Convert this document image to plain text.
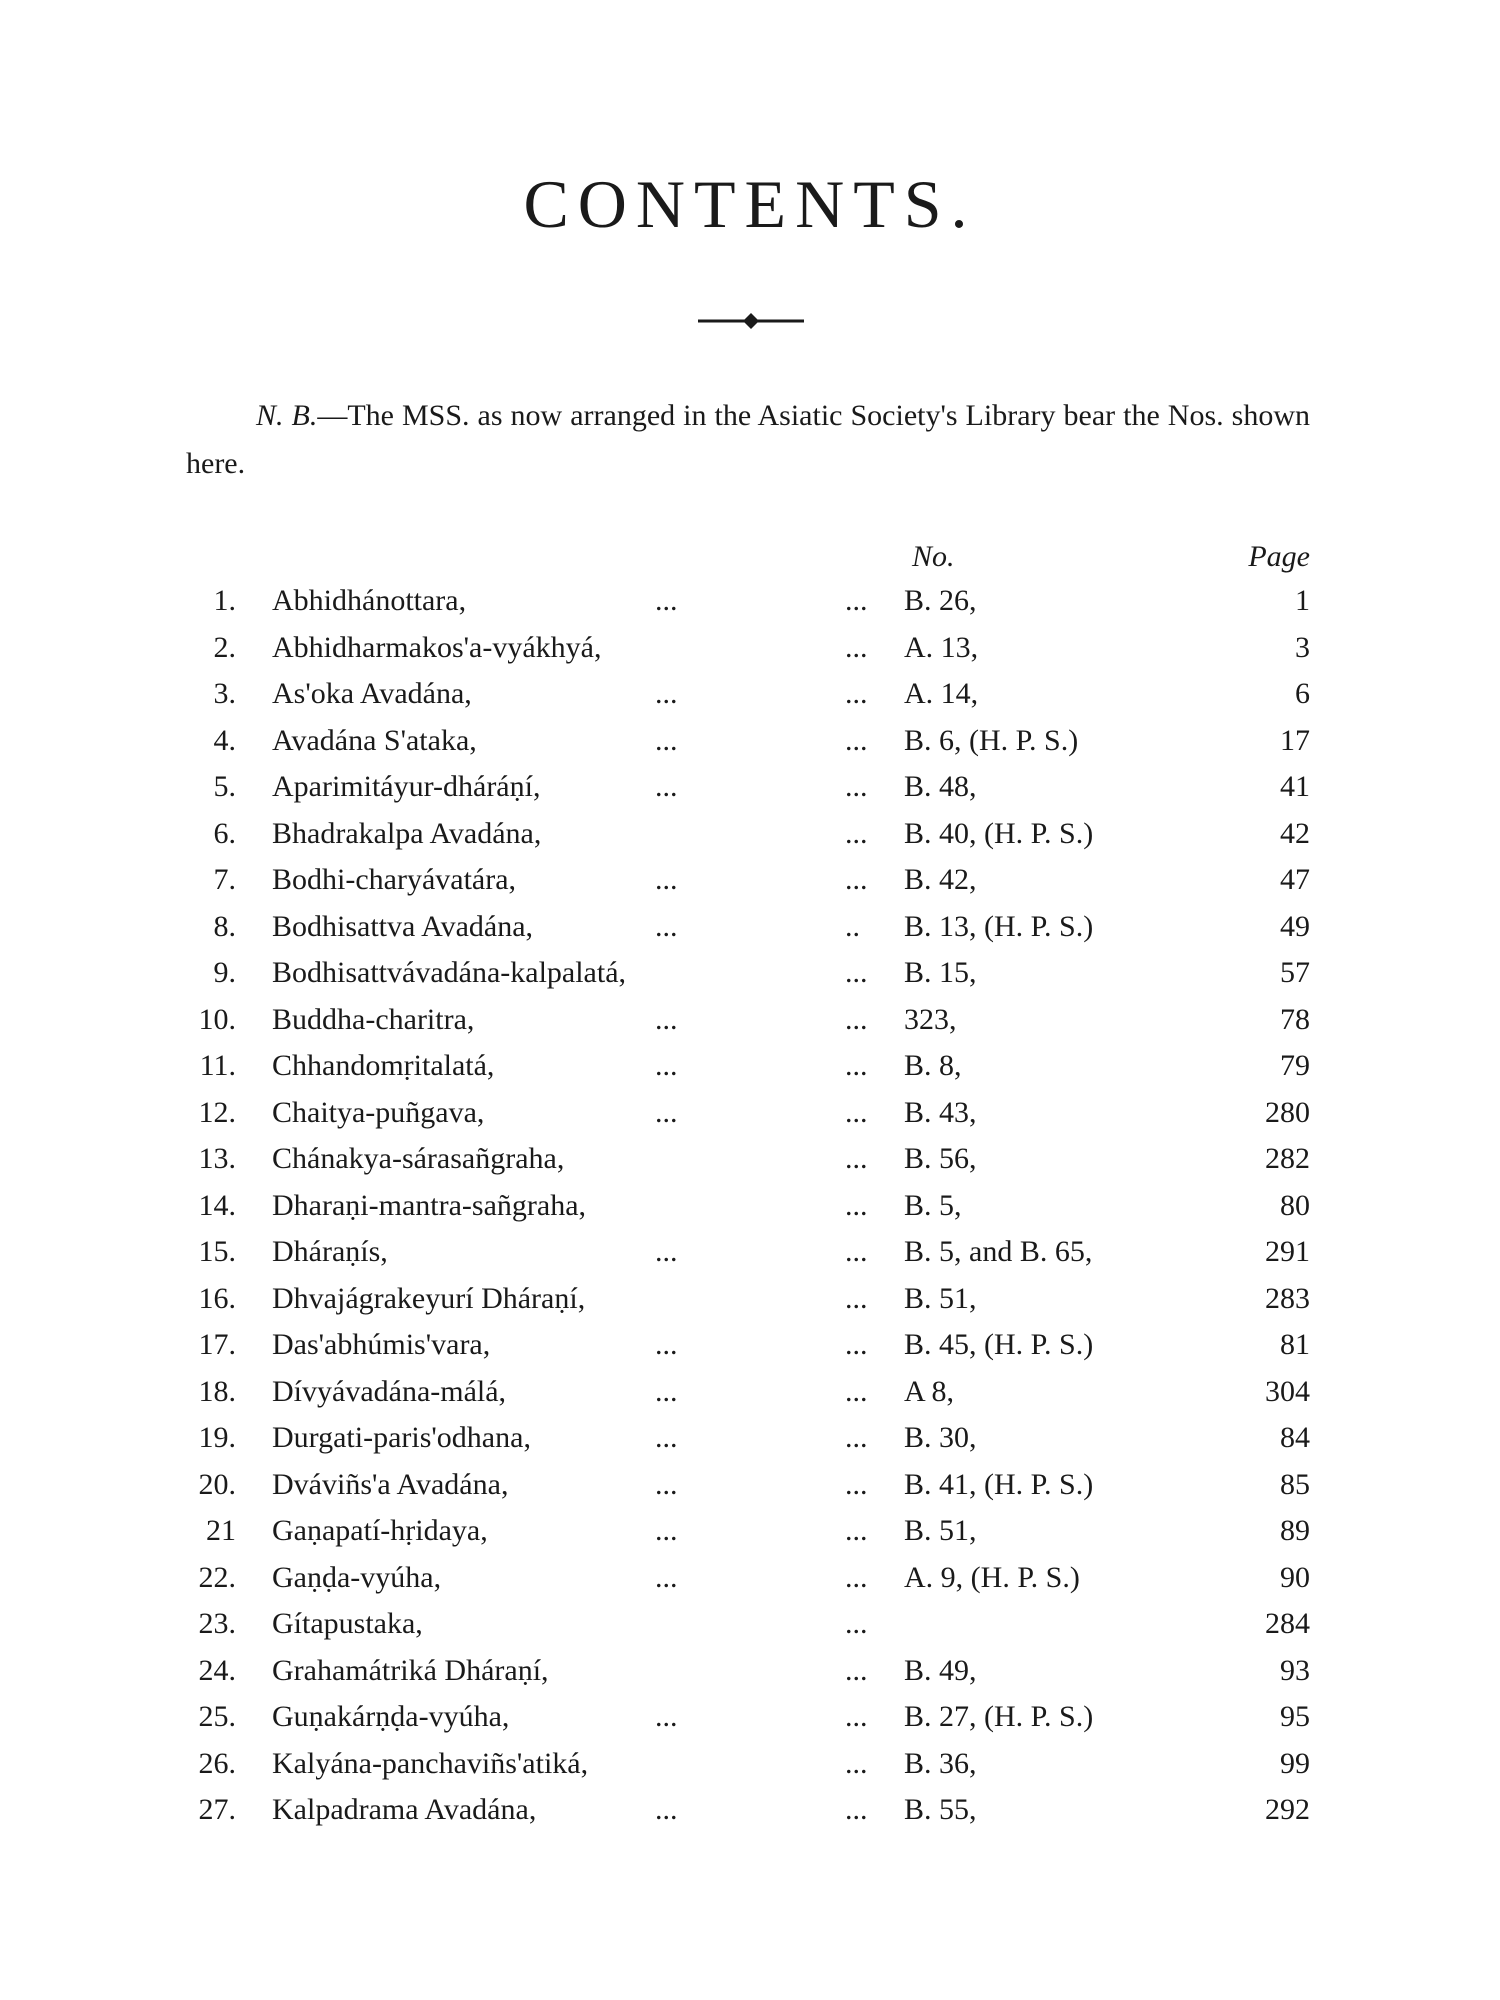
CONTENTS.
N. B.—The MSS. as now arranged in the Asiatic Society's Library bear the Nos. shown here.
No.	Page
1. Abhidhánottara,	...	... B. 26,	1
2. Abhidharmakos'a-vyákhyá,	... A. 13,	3
3. As'oka Avadána,	...	... A. 14,	6
4. Avadána S'ataka,	...	... B. 6, (H. P. S.)	17
5. Aparimitáyur-dháráṇí,	...	... B. 48,	41
6. Bhadrakalpa Avadána,	... B. 40, (H. P. S.)	42
7. Bodhi-charyávatára,	...	... B. 42,	47
8. Bodhisattva Avadána,	...	.. B. 13, (H. P. S.)	49
9. Bodhisattvávadána-kalpalatá,	... B. 15,	57
10. Buddha-charitra,	...	... 323,	78
11. Chhandomṛitalatá,	...	... B. 8,	79
12. Chaitya-puñgava,	...	... B. 43,	280
13. Chánakya-sárasañgraha,	... B. 56,	282
14. Dharaṇi-mantra-sañgraha,	... B. 5,	80
15. Dháraṇís,	...	... B. 5, and B. 65,	291
16. Dhvajágrakeyurí Dháraṇí,	... B. 51,	283
17. Das'abhúmis'vara,	...	... B. 45, (H. P. S.)	81
18. Dívyávadána-málá,	...	... A 8,	304
19. Durgati-paris'odhana,	...	... B. 30,	84
20. Dváviñs'a Avadána,	...	... B. 41, (H. P. S.)	85
21 Gaṇapatí-hṛidaya,	...	... B. 51,	89
22. Gaṇḍa-vyúha,	...	... A. 9, (H. P. S.)	90
23. Gítapustaka,	...	284
24. Grahamátriká Dháraṇí,	... B. 49,	93
25. Guṇakárṇḍa-vyúha,	...	... B. 27, (H. P. S.)	95
26. Kalyána-panchaviñs'atiká,	... B. 36,	99
27. Kalpadrama Avadána,	...	... B. 55,	292
